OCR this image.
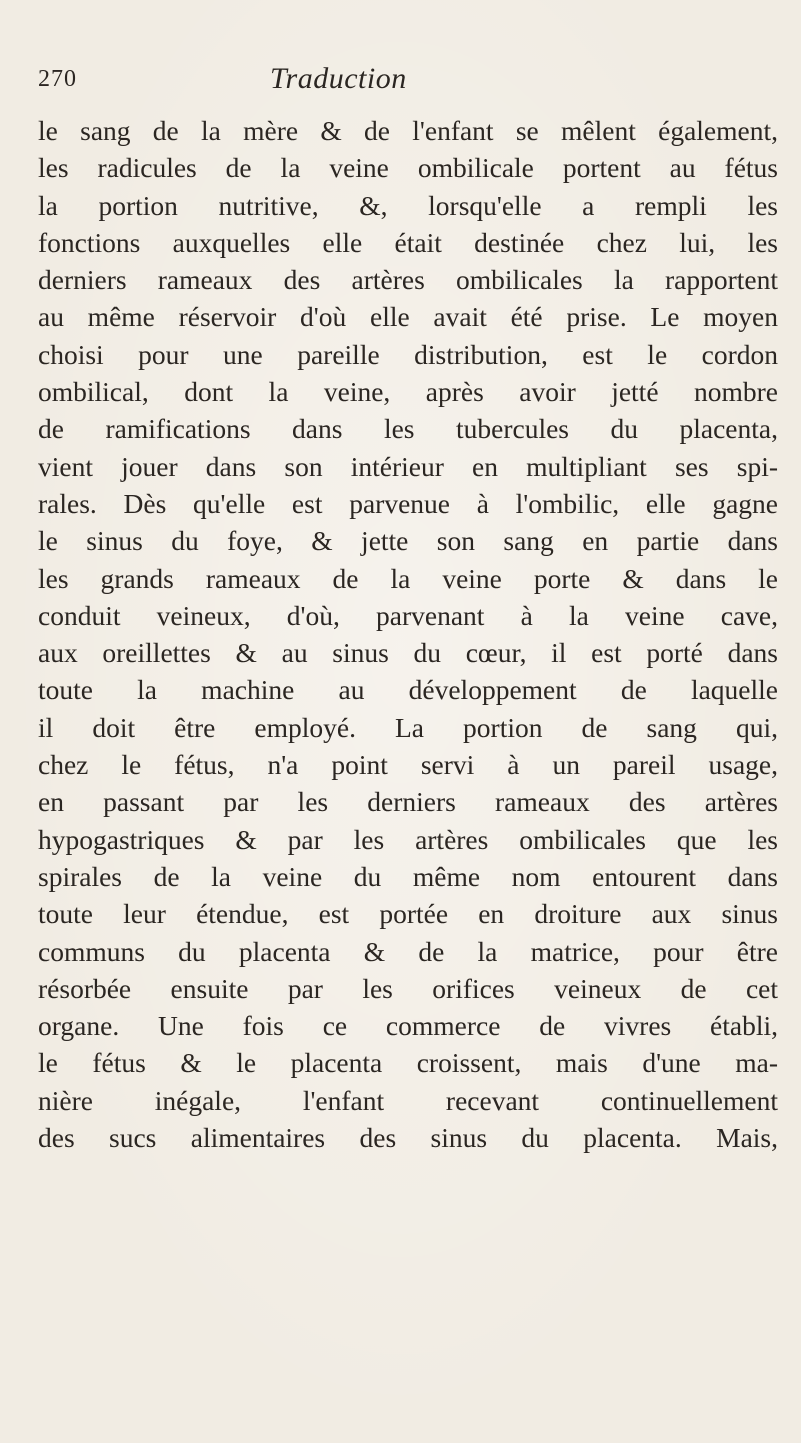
270	Traduction
le sang de la mère & de l'enfant se mêlent également,
les radicules de la veine ombilicale portent au fétus
la portion nutritive, &, lorsqu'elle a rempli les
fonctions auxquelles elle était destinée chez lui, les
derniers rameaux des artères ombilicales la rapportent
au même réservoir d'où elle avait été prise. Le moyen
choisi pour une pareille distribution, est le cordon
ombilical, dont la veine, après avoir jetté nombre
de ramifications dans les tubercules du placenta,
vient jouer dans son intérieur en multipliant ses spi-
rales. Dès qu'elle est parvenue à l'ombilic, elle gagne
le sinus du foye, & jette son sang en partie dans
les grands rameaux de la veine porte & dans le
conduit veineux, d'où, parvenant à la veine cave,
aux oreillettes & au sinus du cœur, il est porté dans
toute la machine au développement de laquelle
il doit être employé. La portion de sang qui,
chez le fétus, n'a point servi à un pareil usage,
en passant par les derniers rameaux des artères
hypogastriques & par les artères ombilicales que les
spirales de la veine du même nom entourent dans
toute leur étendue, est portée en droiture aux sinus
communs du placenta & de la matrice, pour être
résorbée ensuite par les orifices veineux de cet
organe. Une fois ce commerce de vivres établi,
le fétus & le placenta croissent, mais d'une ma-
nière inégale, l'enfant recevant continuellement
des sucs alimentaires des sinus du placenta. Mais,
